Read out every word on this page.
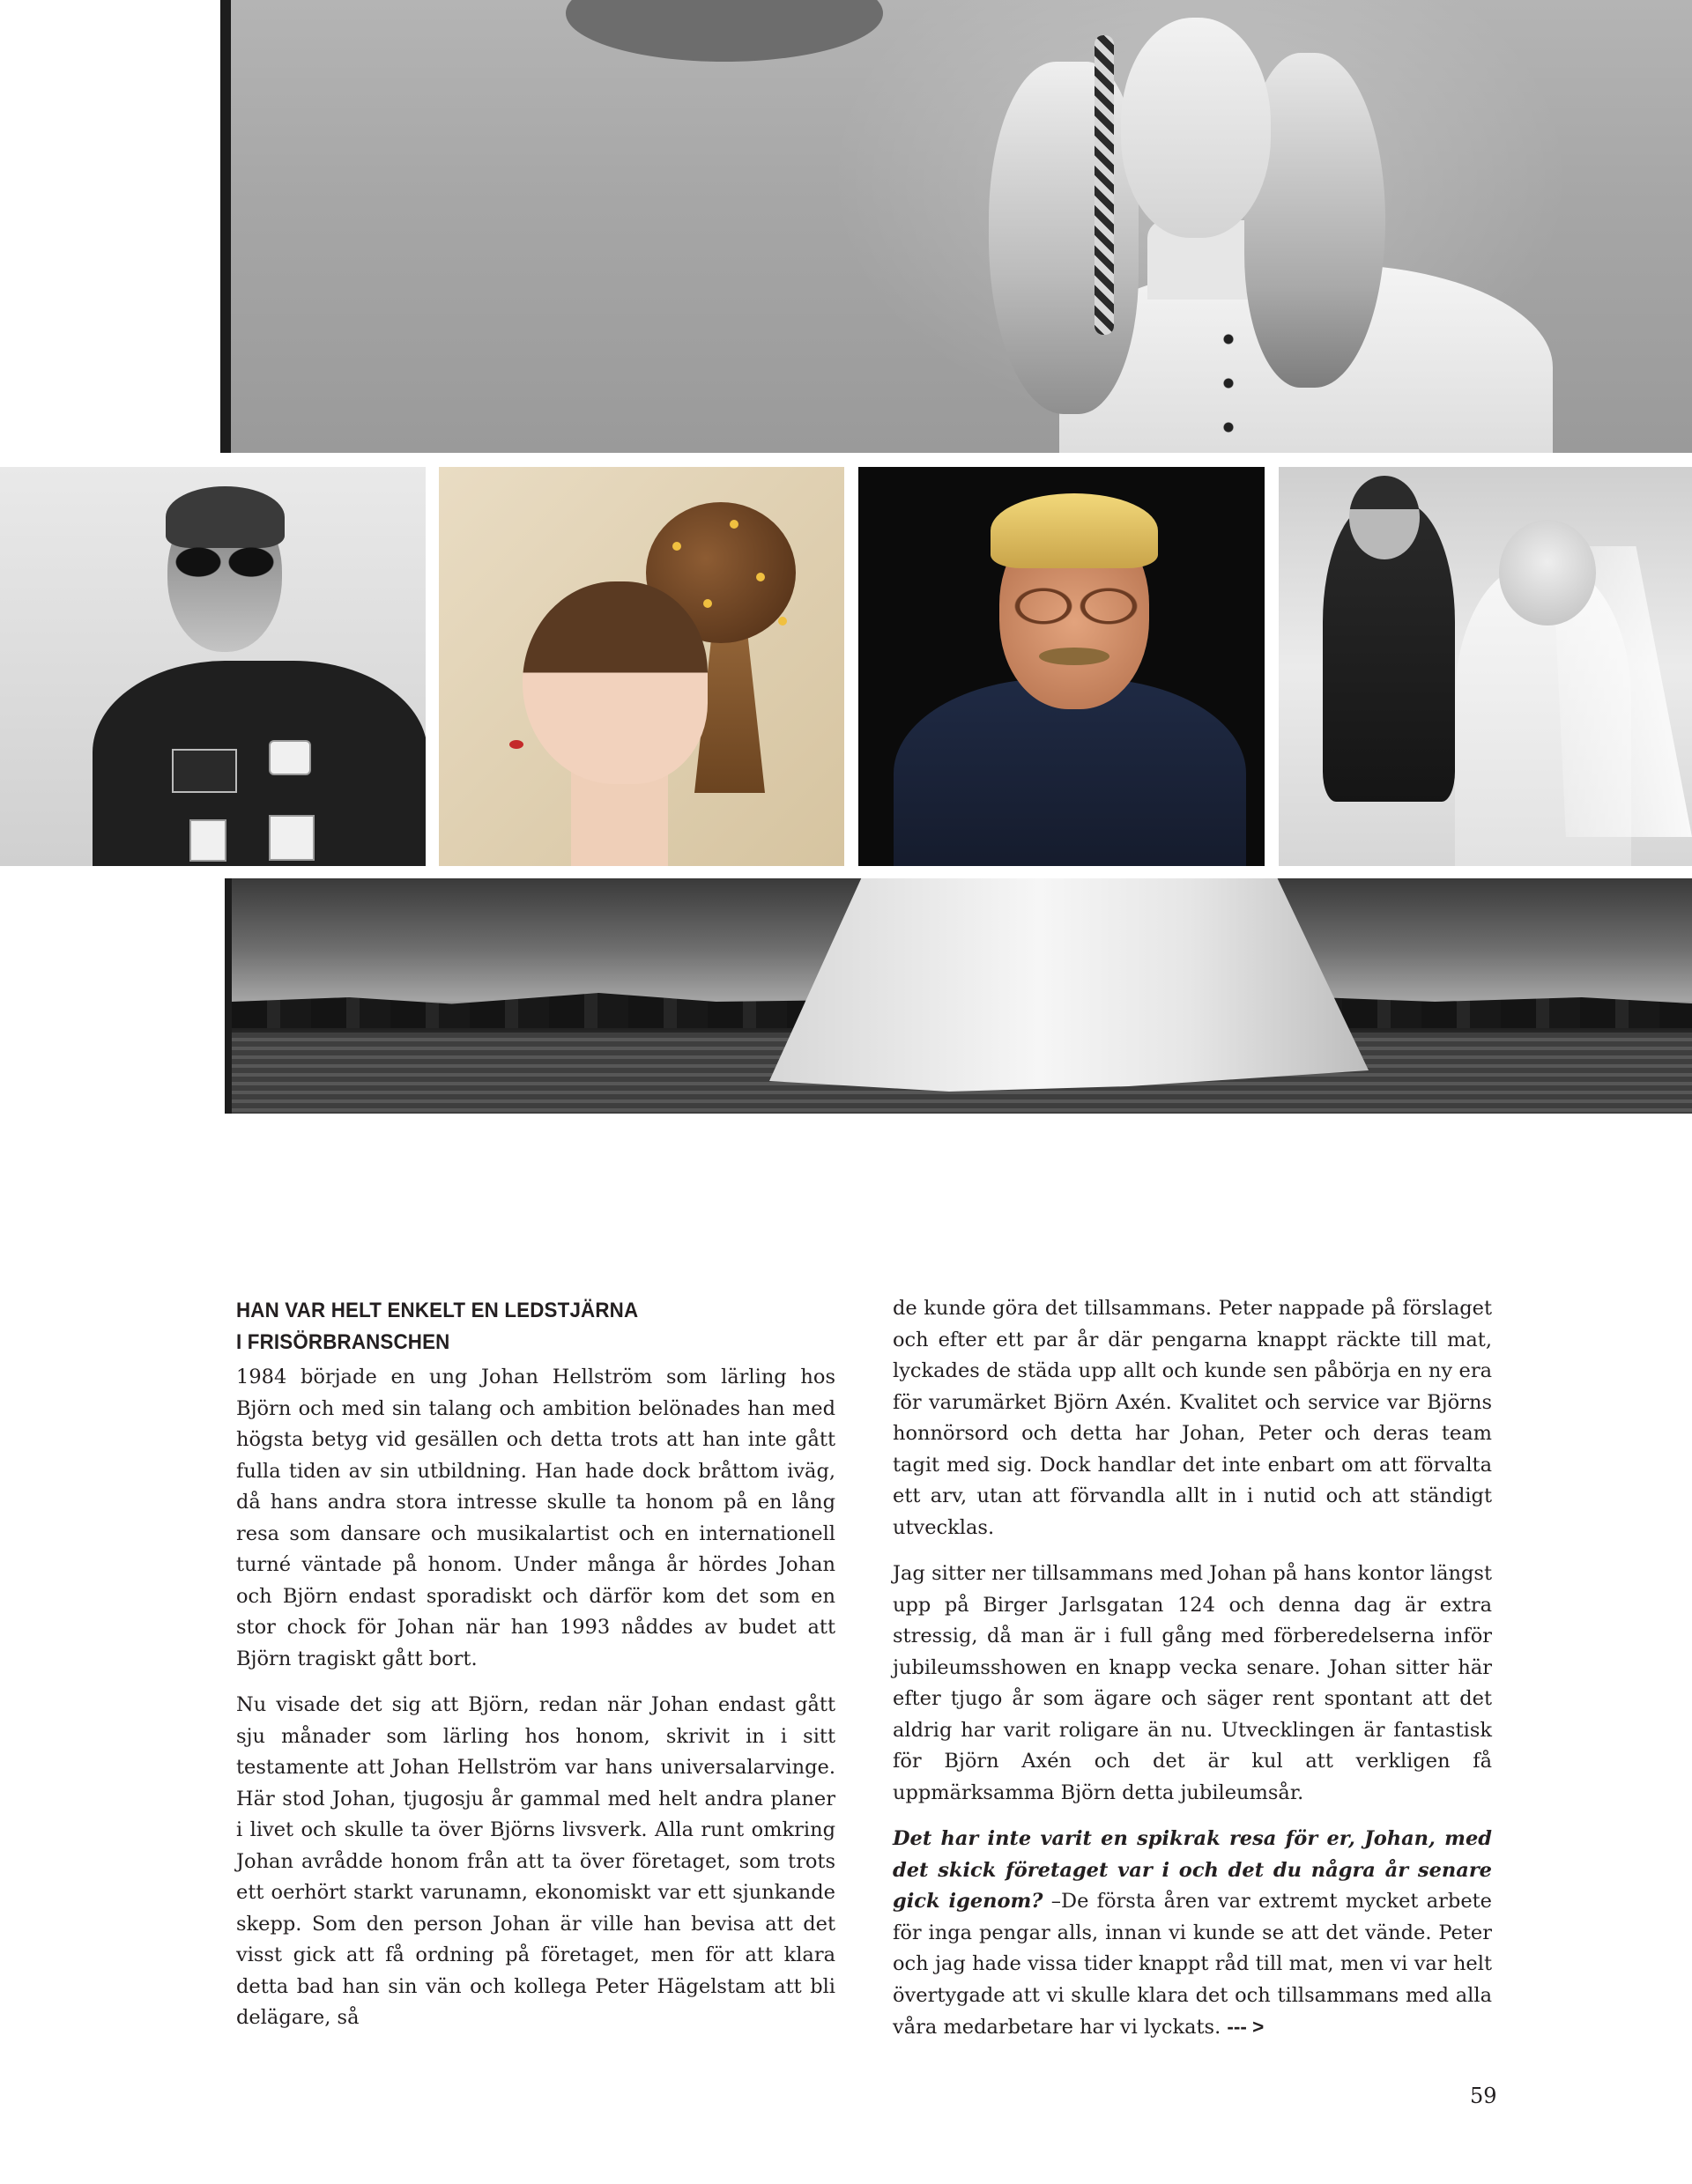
HAN VAR HELT ENKELT EN LEDSTJÄRNA
I FRISÖRBRANSCHEN

1984 började en ung Johan Hellström som lärling hos Björn och med sin talang och ambition belönades han med högsta betyg vid gesällen och detta trots att han inte gått fulla tiden av sin utbildning. Han hade dock bråttom iväg, då hans andra stora intresse skulle ta honom på en lång resa som dansare och musikalartist och en internationell turné väntade på honom. Under många år hördes Johan och Björn endast sporadiskt och därför kom det som en stor chock för Johan när han 1993 nåddes av budet att Björn tragiskt gått bort.

Nu visade det sig att Björn, redan när Johan endast gått sju månader som lärling hos honom, skrivit in i sitt testamente att Johan Hellström var hans universalarvinge. Här stod Johan, tjugosju år gammal med helt andra planer i livet och skulle ta över Björns livsverk. Alla runt omkring Johan avrådde honom från att ta över företaget, som trots ett oerhört starkt varunamn, ekonomiskt var ett sjunkande skepp. Som den person Johan är ville han bevisa att det visst gick att få ordning på företaget, men för att klara detta bad han sin vän och kollega Peter Hägelstam att bli delägare, så

de kunde göra det tillsammans. Peter nappade på förslaget och efter ett par år där pengarna knappt räckte till mat, lyckades de städa upp allt och kunde sen påbörja en ny era för varumärket Björn Axén. Kvalitet och service var Björns honnörsord och detta har Johan, Peter och deras team tagit med sig. Dock handlar det inte enbart om att förvalta ett arv, utan att förvandla allt in i nutid och att ständigt utvecklas.

Jag sitter ner tillsammans med Johan på hans kontor längst upp på Birger Jarlsgatan 124 och denna dag är extra stressig, då man är i full gång med förberedelserna inför jubileumsshowen en knapp vecka senare. Johan sitter här efter tjugo år som ägare och säger rent spontant att det aldrig har varit roligare än nu. Utvecklingen är fantastisk för Björn Axén och det är kul att verkligen få uppmärksamma Björn detta jubileumsår.

Det har inte varit en spikrak resa för er, Johan, med det skick företaget var i och det du några år senare gick igenom? –De första åren var extremt mycket arbete för inga pengar alls, innan vi kunde se att det vände. Peter och jag hade vissa tider knappt råd till mat, men vi var helt övertygade att vi skulle klara det och tillsammans med alla våra medarbetare har vi lyckats. --- >

59
